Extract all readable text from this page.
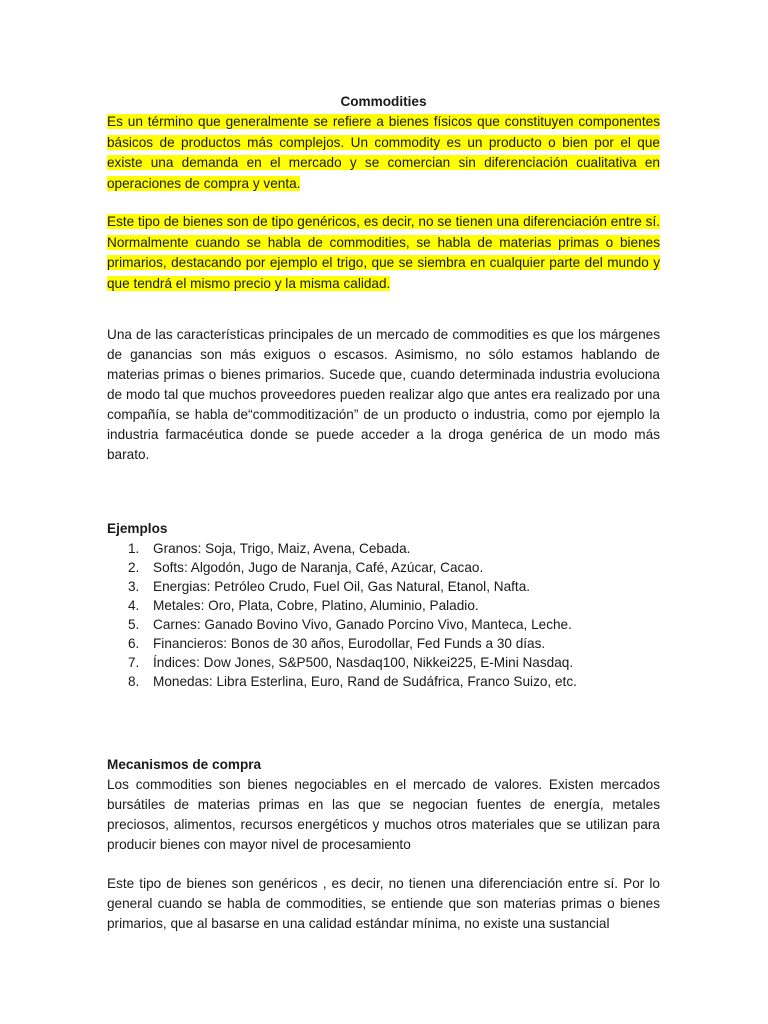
Commodities

Es un término que generalmente se refiere a bienes físicos que constituyen componentes básicos de productos más complejos. Un commodity es un producto o bien por el que existe una demanda en el mercado y se comercian sin diferenciación cualitativa en operaciones de compra y venta.

Este tipo de bienes son de tipo genéricos, es decir, no se tienen una diferenciación entre sí. Normalmente cuando se habla de commodities, se habla de materias primas o bienes primarios, destacando por ejemplo el trigo, que se siembra en cualquier parte del mundo y que tendrá el mismo precio y la misma calidad.

Una de las características principales de un mercado de commodities es que los márgenes de ganancias son más exiguos o escasos. Asimismo, no sólo estamos hablando de materias primas o bienes primarios. Sucede que, cuando determinada industria evoluciona de modo tal que muchos proveedores pueden realizar algo que antes era realizado por una compañía, se habla de“commoditización” de un producto o industria, como por ejemplo la industria farmacéutica donde se puede acceder a la droga genérica de un modo más barato.

Ejemplos

1. Granos: Soja, Trigo, Maiz, Avena, Cebada.
2. Softs: Algodón, Jugo de Naranja, Café, Azúcar, Cacao.
3. Energias: Petróleo Crudo, Fuel Oil, Gas Natural, Etanol, Nafta.
4. Metales: Oro, Plata, Cobre, Platino, Aluminio, Paladio.
5. Carnes: Ganado Bovino Vivo, Ganado Porcino Vivo, Manteca, Leche.
6. Financieros: Bonos de 30 años, Eurodollar, Fed Funds a 30 días.
7. Índices: Dow Jones, S&P500, Nasdaq100, Nikkei225, E-Mini Nasdaq.
8. Monedas: Libra Esterlina, Euro, Rand de Sudáfrica, Franco Suizo, etc.

Mecanismos de compra

Los commodities son bienes negociables en el mercado de valores. Existen mercados bursátiles de materias primas en las que se negocian fuentes de energía, metales preciosos, alimentos, recursos energéticos y muchos otros materiales que se utilizan para producir bienes con mayor nivel de procesamiento

Este tipo de bienes son genéricos , es decir, no tienen una diferenciación entre sí. Por lo general cuando se habla de commodities, se entiende que son materias primas o bienes primarios, que al basarse en una calidad estándar mínima, no existe una sustancial
